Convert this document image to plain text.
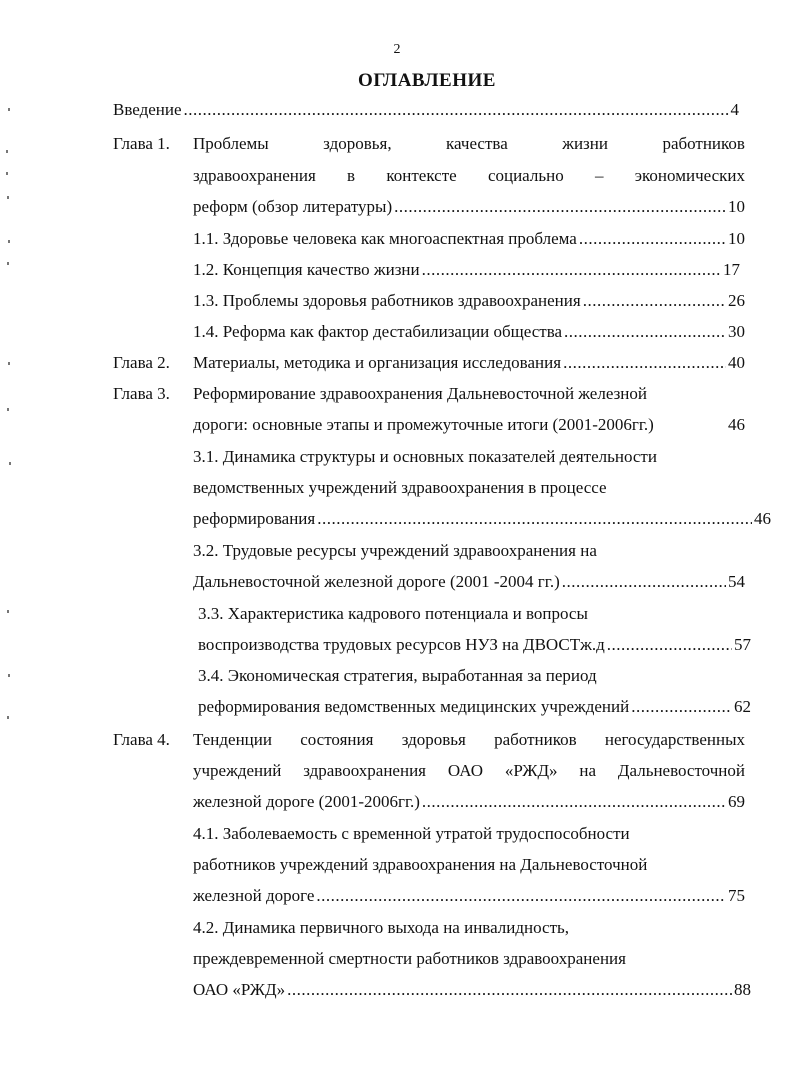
2
ОГЛАВЛЕНИЕ
Введение .....	4
Глава 1. Проблемы	здоровья,	качества	жизни	работников
здравоохранения в контексте социально – экономических
реформ (обзор литературы) .....	10
1.1. Здоровье человека как многоаспектная проблема .....	10
1.2. Концепция качество жизни .....	17
1.3. Проблемы здоровья работников здравоохранения .....	26
1.4. Реформа как фактор дестабилизации общества .....	30
Глава 2. Материалы, методика и организация исследования .....	40
Глава 3. Реформирование здравоохранения Дальневосточной железной
дороги: основные этапы и промежуточные итоги (2001-2006гг.)	46
3.1. Динамика структуры и основных показателей деятельности
ведомственных учреждений здравоохранения в процессе
реформирования .....	46
3.2. Трудовые ресурсы учреждений здравоохранения на
Дальневосточной железной дороге (2001 -2004 гг.) .....	54
3.3. Характеристика кадрового потенциала и вопросы
воспроизводства трудовых ресурсов НУЗ на ДВОСТж.д .....	57
3.4. Экономическая стратегия, выработанная за период
реформирования ведомственных медицинских учреждений .....	62
Глава 4. Тенденции состояния здоровья работников негосударственных
учреждений здравоохранения ОАО «РЖД» на Дальневосточной
железной дороге (2001-2006гг.) .....	69
4.1. Заболеваемость с временной утратой трудоспособности
работников учреждений здравоохранения на Дальневосточной
железной дороге .....	75
4.2. Динамика первичного выхода на инвалидность,
преждевременной смертности работников здравоохранения
ОАО «РЖД» .....	88
